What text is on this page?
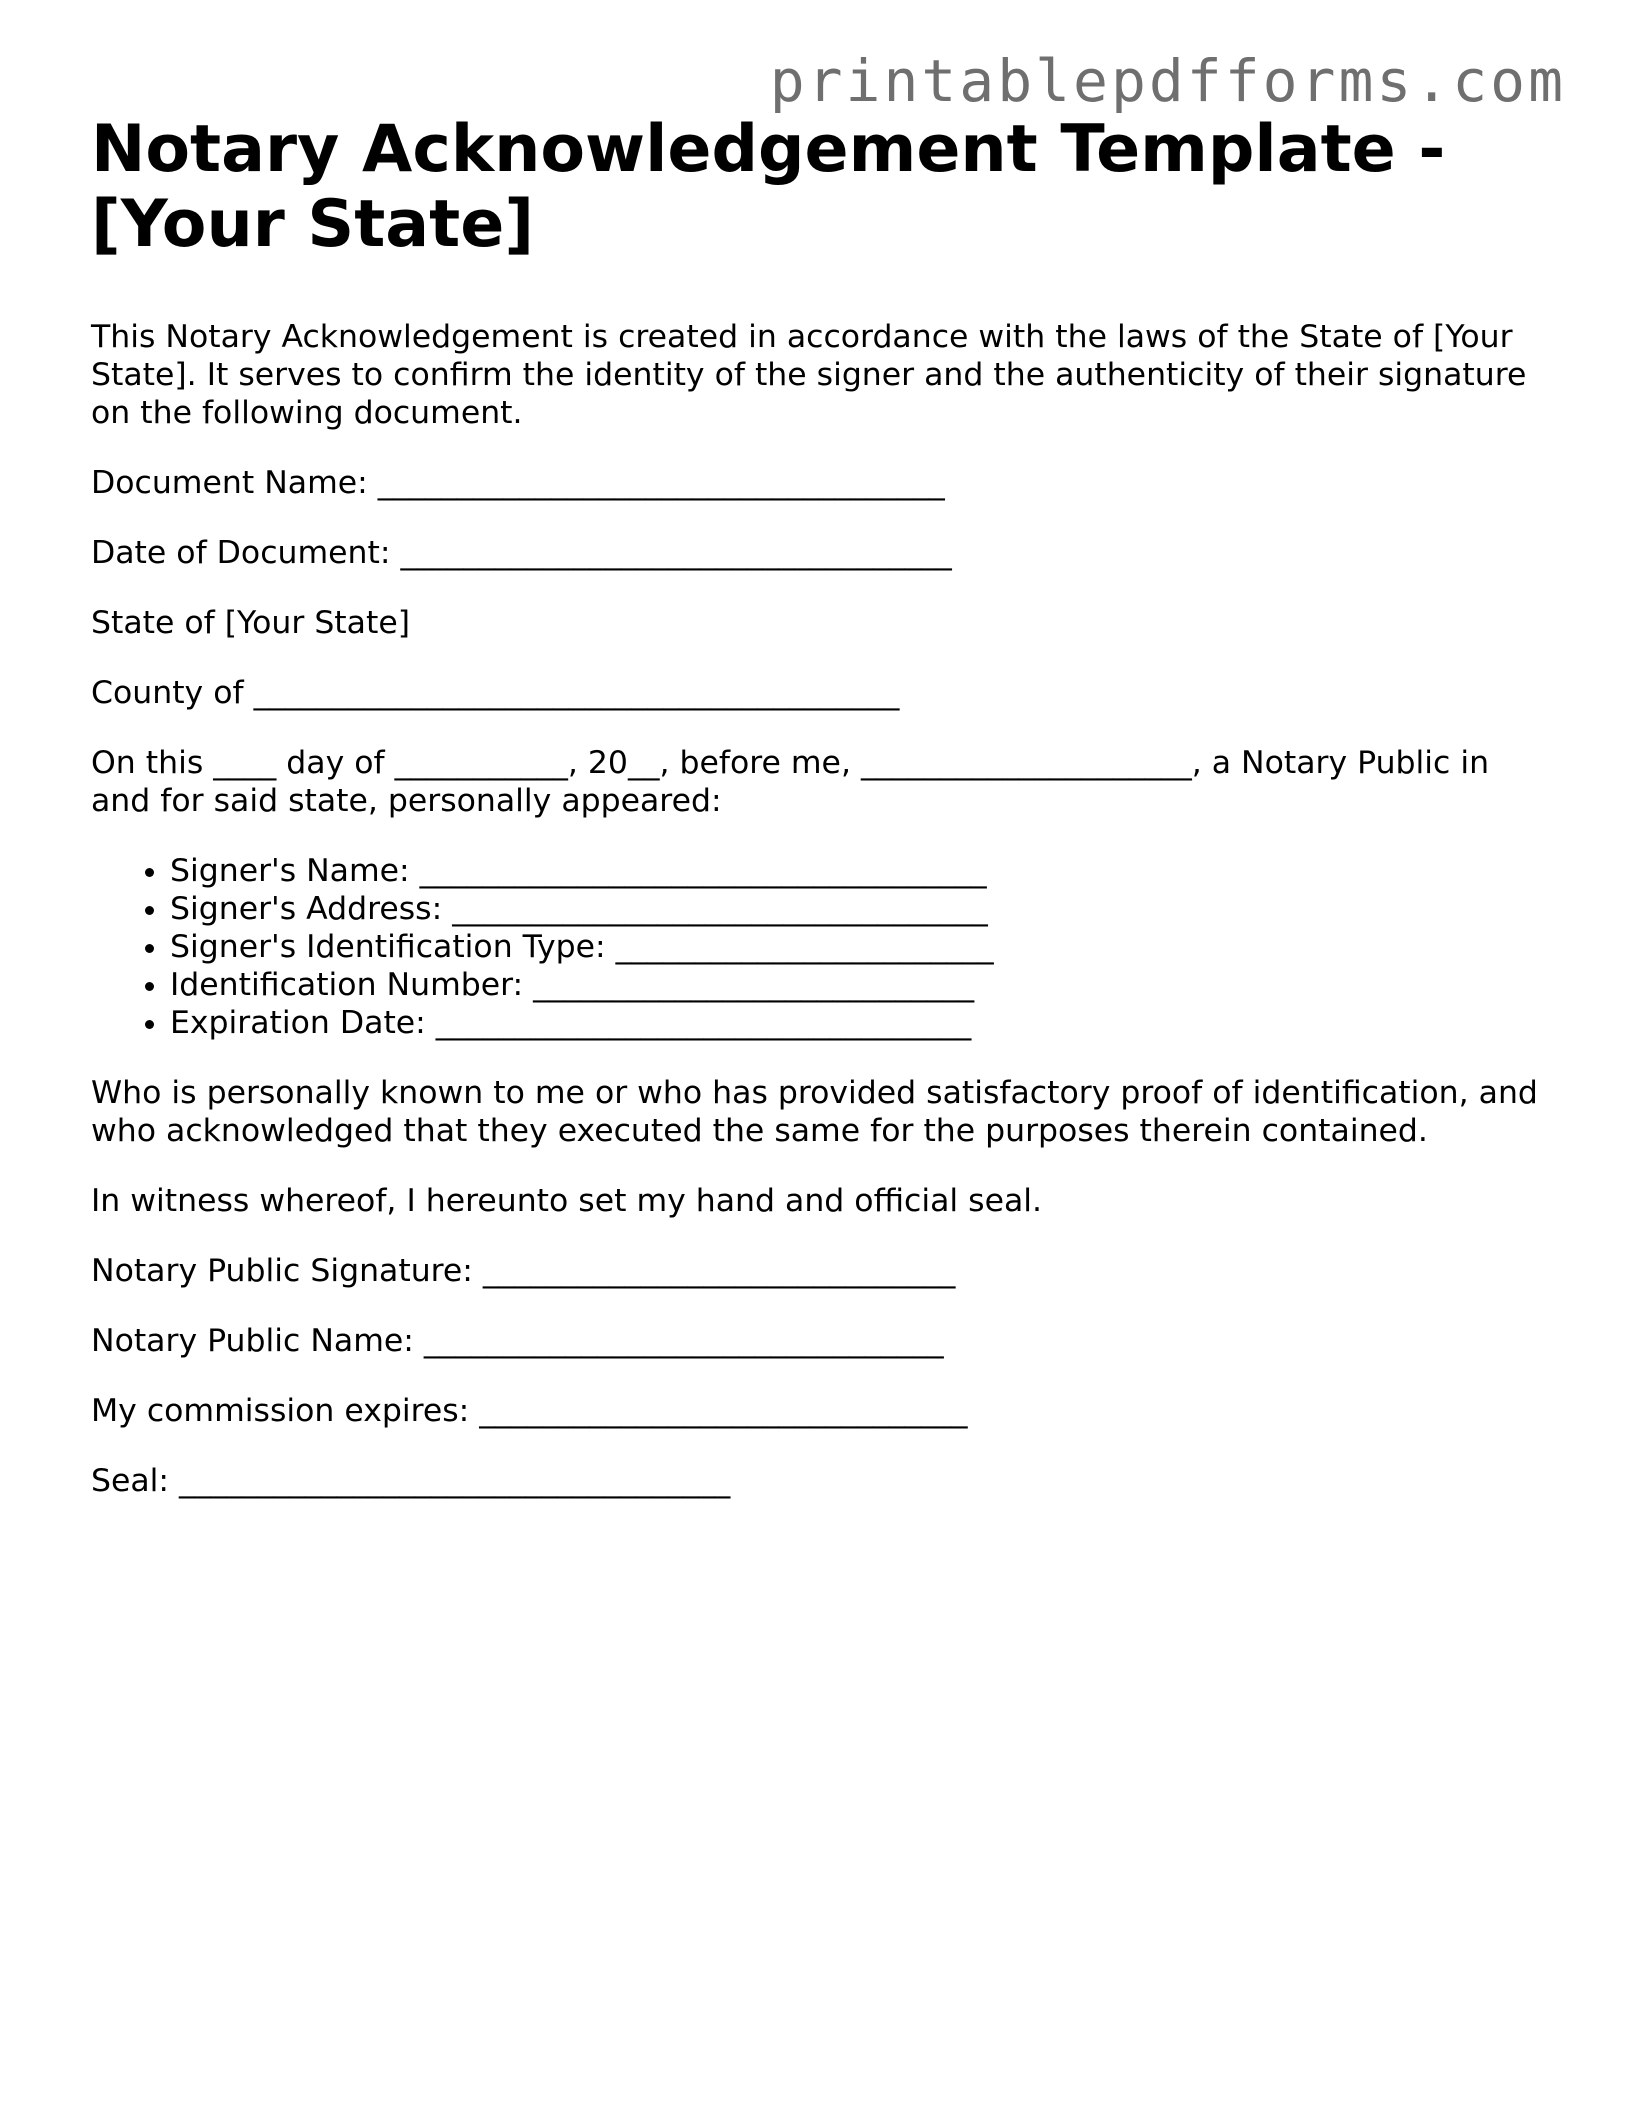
printablepdfforms.com
Notary Acknowledgement Template - [Your State]

This Notary Acknowledgement is created in accordance with the laws of the State of [Your State]. It serves to confirm the identity of the signer and the authenticity of their signature on the following document.

Document Name: ____________________________________

Date of Document: ___________________________________

State of [Your State]

County of _________________________________________

On this ____ day of ___________, 20__, before me, _____________________, a Notary Public in and for said state, personally appeared:

• Signer's Name: ____________________________________
• Signer's Address: __________________________________
• Signer's Identification Type: ________________________
• Identification Number: ____________________________
• Expiration Date: __________________________________

Who is personally known to me or who has provided satisfactory proof of identification, and who acknowledged that they executed the same for the purposes therein contained.

In witness whereof, I hereunto set my hand and official seal.

Notary Public Signature: ______________________________

Notary Public Name: _________________________________

My commission expires: _______________________________

Seal: ___________________________________
